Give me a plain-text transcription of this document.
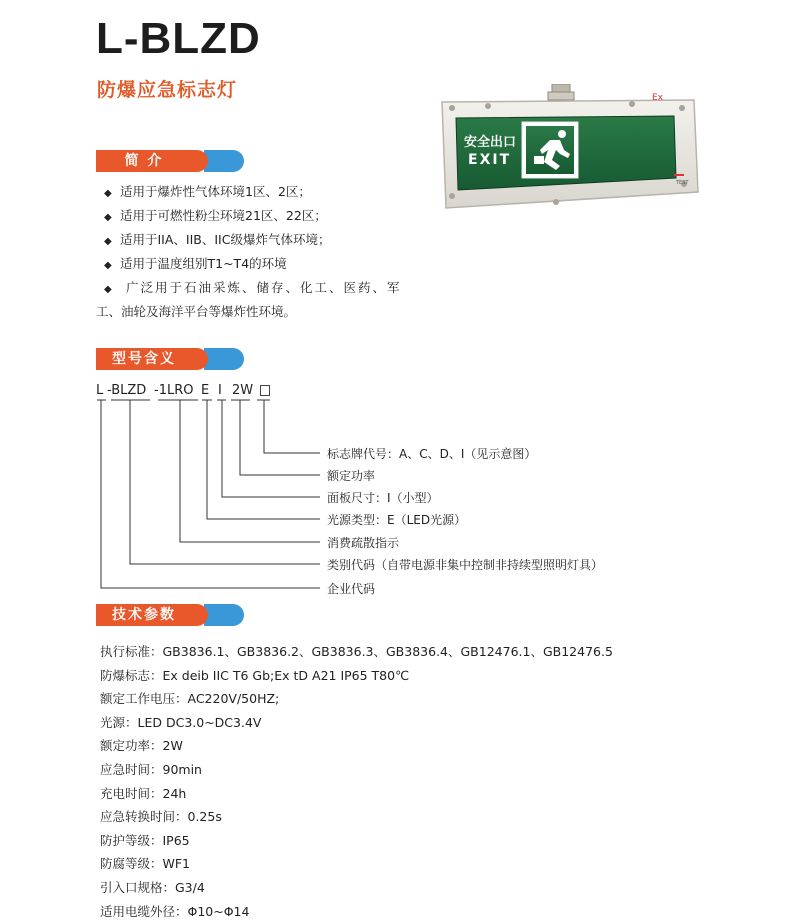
L-BLZD
防爆应急标志灯	Ex
安全出口
EXIT
TEST
简 介
◆ 适用于爆炸性气体环境1区、2区；
◆ 适用于可燃性粉尘环境21区、22区；
◆ 适用于IIA、IIB、IIC级爆炸气体环境；
◆ 适用于温度组别T1~T4的环境
◆ 广泛用于石油采炼、储存、化工、医药、军
工、油轮及海洋平台等爆炸性环境。
型号含义
L -BLZD -1LRO E I 2W
标志牌代号：A、C、D、I（见示意图）
额定功率
面板尺寸：I（小型）
光源类型：E（LED光源）
消费疏散指示
类别代码（自带电源非集中控制非持续型照明灯具）
企业代码
技术参数
执行标准：GB3836.1、GB3836.2、GB3836.3、GB3836.4、GB12476.1、GB12476.5
防爆标志：Ex deib IIC T6 Gb;Ex tD A21 IP65 T80℃
额定工作电压：AC220V/50HZ;
光源：LED DC3.0~DC3.4V
额定功率：2W
应急时间：90min
充电时间：24h
应急转换时间：0.25s
防护等级：IP65
防腐等级：WF1
引入口规格：G3/4
适用电缆外径：Φ10~Φ14
